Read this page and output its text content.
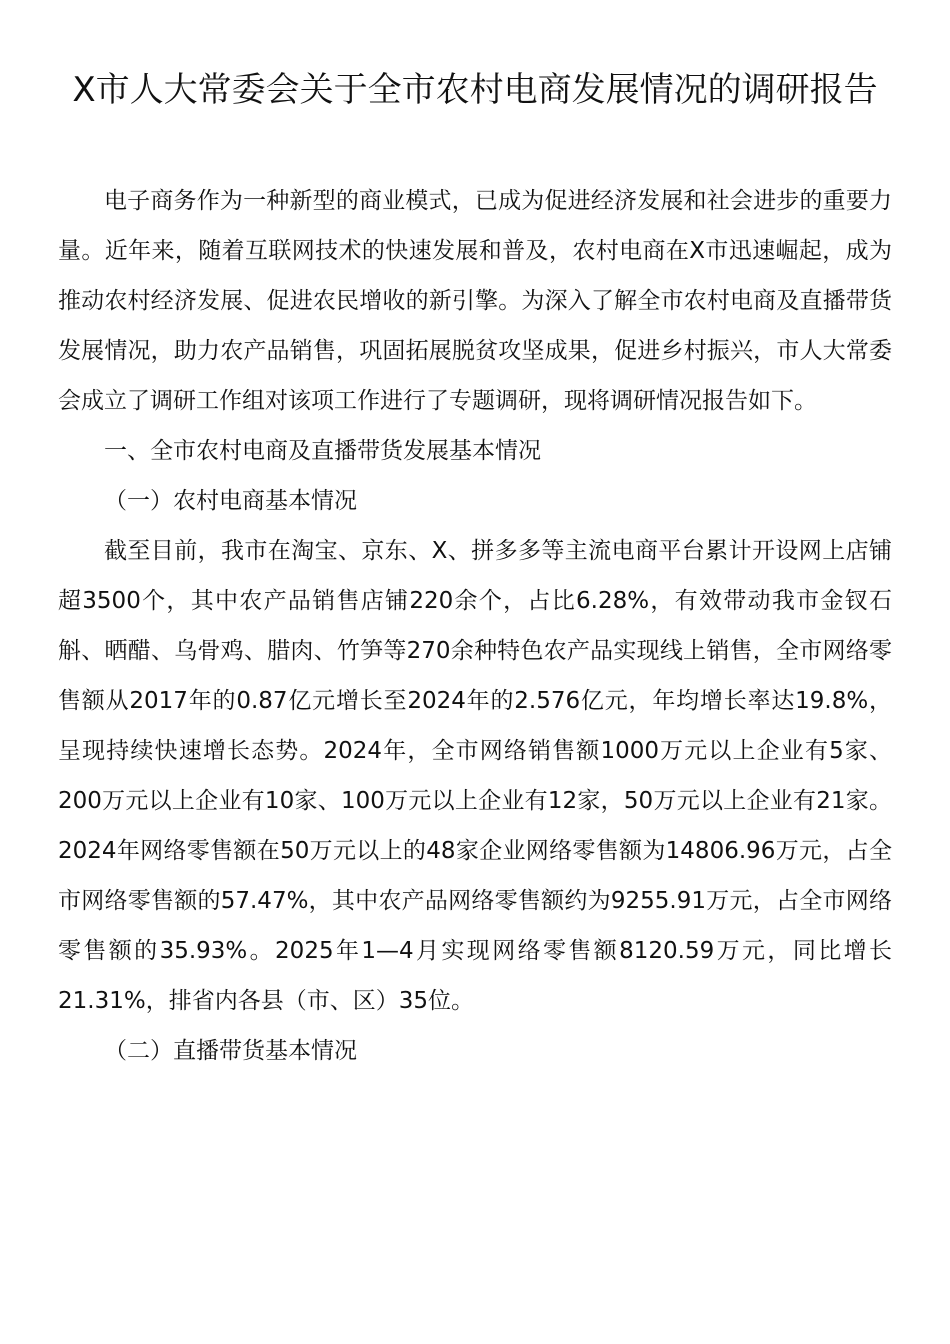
X市人大常委会关于全市农村电商发展情况的调研报告

电子商务作为一种新型的商业模式，已成为促进经济发展和社会进步的重要力量。近年来，随着互联网技术的快速发展和普及，农村电商在X市迅速崛起，成为推动农村经济发展、促进农民增收的新引擎。为深入了解全市农村电商及直播带货发展情况，助力农产品销售，巩固拓展脱贫攻坚成果，促进乡村振兴，市人大常委会成立了调研工作组对该项工作进行了专题调研，现将调研情况报告如下。

一、全市农村电商及直播带货发展基本情况

（一）农村电商基本情况

截至目前，我市在淘宝、京东、X、拼多多等主流电商平台累计开设网上店铺超3500个，其中农产品销售店铺220余个，占比6.28%，有效带动我市金钗石斛、晒醋、乌骨鸡、腊肉、竹笋等270余种特色农产品实现线上销售，全市网络零售额从2017年的0.87亿元增长至2024年的2.576亿元，年均增长率达19.8%，呈现持续快速增长态势。2024年，全市网络销售额1000万元以上企业有5家、200万元以上企业有10家、100万元以上企业有12家，50万元以上企业有21家。2024年网络零售额在50万元以上的48家企业网络零售额为14806.96万元，占全市网络零售额的57.47%，其中农产品网络零售额约为9255.91万元，占全市网络零售额的35.93%。2025年1—4月实现网络零售额8120.59万元，同比增长21.31%，排省内各县（市、区）35位。

（二）直播带货基本情况
